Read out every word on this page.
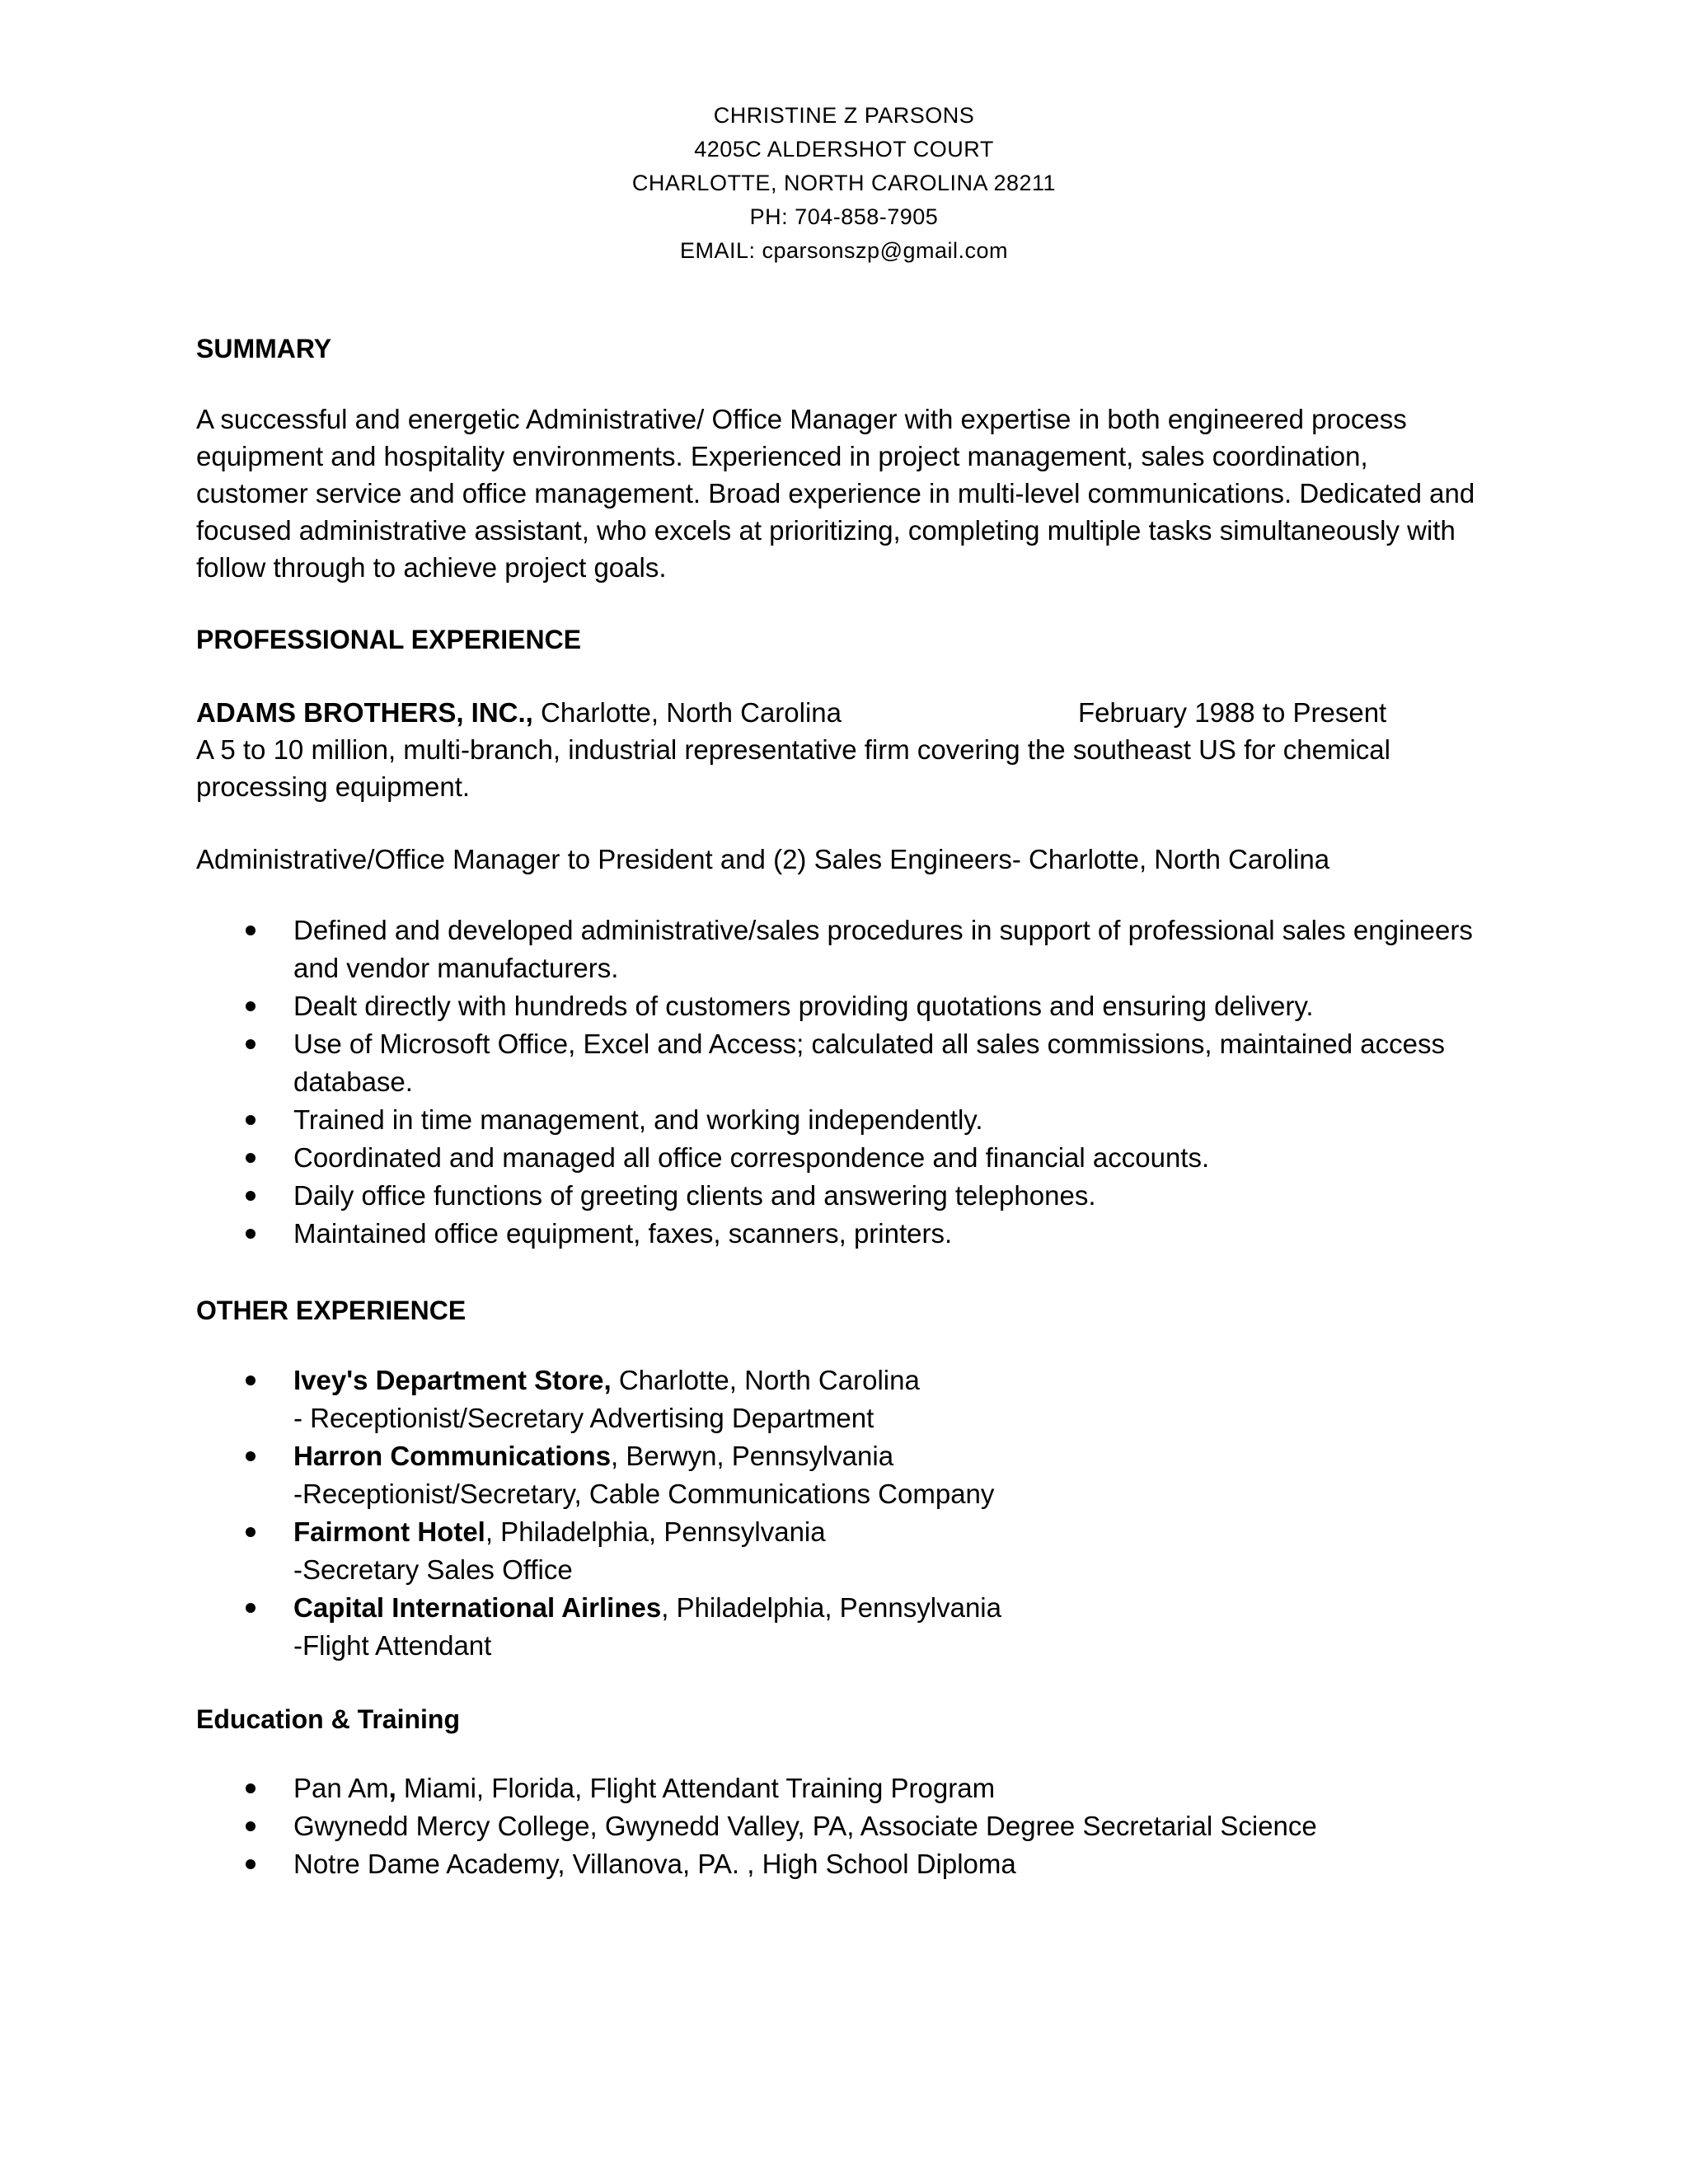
CHRISTINE Z PARSONS
4205C ALDERSHOT COURT
CHARLOTTE, NORTH CAROLINA 28211
PH: 704-858-7905
EMAIL: cparsonszp@gmail.com
SUMMARY
A successful and energetic Administrative/ Office Manager with expertise in both engineered process equipment and hospitality environments. Experienced in project management, sales coordination, customer service and office management. Broad experience in multi-level communications. Dedicated and focused administrative assistant, who excels at prioritizing, completing multiple tasks simultaneously with follow through to achieve project goals.
PROFESSIONAL EXPERIENCE
ADAMS BROTHERS, INC., Charlotte, North Carolina	February 1988 to Present
A 5 to 10 million, multi-branch, industrial representative firm covering the southeast US for chemical processing equipment.
Administrative/Office Manager to President and (2) Sales Engineers- Charlotte, North Carolina
Defined and developed administrative/sales procedures in support of professional sales engineers and vendor manufacturers.
Dealt directly with hundreds of customers providing quotations and ensuring delivery.
Use of Microsoft Office, Excel and Access; calculated all sales commissions, maintained access database.
Trained in time management, and working independently.
Coordinated and managed all office correspondence and financial accounts.
Daily office functions of greeting clients and answering telephones.
Maintained office equipment, faxes, scanners, printers.
OTHER EXPERIENCE
Ivey's Department Store, Charlotte, North Carolina
- Receptionist/Secretary Advertising Department
Harron Communications, Berwyn, Pennsylvania
-Receptionist/Secretary, Cable Communications Company
Fairmont Hotel, Philadelphia, Pennsylvania
-Secretary Sales Office
Capital International Airlines, Philadelphia, Pennsylvania
-Flight Attendant
Education & Training
Pan Am, Miami, Florida, Flight Attendant Training Program
Gwynedd Mercy College, Gwynedd Valley, PA, Associate Degree Secretarial Science
Notre Dame Academy, Villanova, PA. , High School Diploma
